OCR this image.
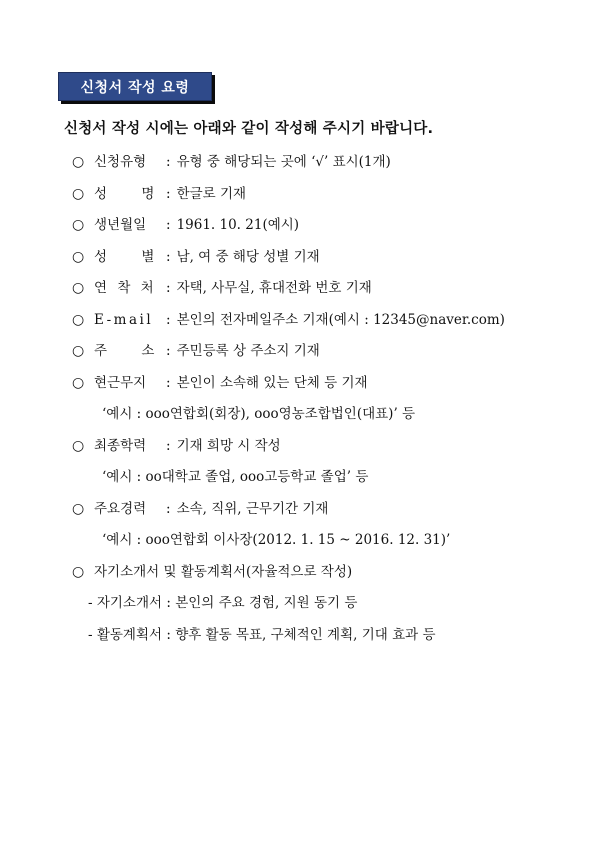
신청서 작성 요령
신청서 작성 시에는 아래와 같이 작성해 주시기 바랍니다.
○ 신청유형	: 유형 중 해당되는 곳에 ‘√’ 표시(1개)
○ 성 명 : 한글로 기재
○ 생년월일	: 1961. 10. 21(예시)
○ 성 별 : 남, 여 중 해당 성별 기재
○ 연 착 처 : 자택, 사무실, 휴대전화 번호 기재
○ E-mail : 본인의 전자메일주소 기재(예시 : 12345@naver.com)
○ 주 소 : 주민등록 상 주소지 기재
○ 현근무지	: 본인이 소속해 있는 단체 등 기재
‘예시 : ooo연합회(회장), ooo영농조합법인(대표)’ 등
○ 최종학력	: 기재 희망 시 작성
‘예시 : oo대학교 졸업, ooo고등학교 졸업’ 등
○ 주요경력	: 소속, 직위, 근무기간 기재
‘예시 : ooo연합회 이사장(2012. 1. 15 ~ 2016. 12. 31)’
○ 자기소개서 및 활동계획서(자율적으로 작성)
- 자기소개서 : 본인의 주요 경험, 지원 동기 등
- 활동계획서 : 향후 활동 목표, 구체적인 계획, 기대 효과 등
